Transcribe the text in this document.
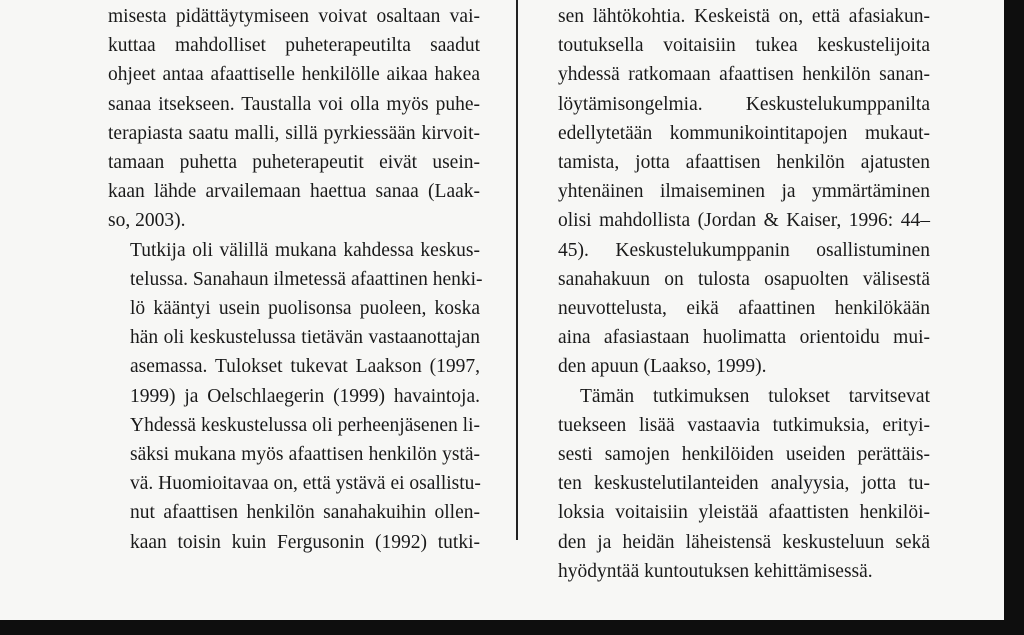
misesta pidättäytymiseen voivat osaltaan vai-
kuttaa mahdolliset puheterapeutilta saadut
ohjeet antaa afaattiselle henkilölle aikaa hakea
sanaa itsekseen. Taustalla voi olla myös puhe-
terapiasta saatu malli, sillä pyrkiessään kirvoit-
tamaan puhetta puheterapeutit eivät usein-
kaan lähde arvailemaan haettua sanaa (Laak-
so, 2003).

Tutkija oli välillä mukana kahdessa keskus-
telussa. Sanahaun ilmetessä afaattinen henki-
lö kääntyi usein puolisonsa puoleen, koska
hän oli keskustelussa tietävän vastaanottajan
asemassa. Tulokset tukevat Laakson (1997,
1999) ja Oelschlaegerin (1999) havaintoja.
Yhdessä keskustelussa oli perheenjäsenen li-
säksi mukana myös afaattisen henkilön ystä-
vä. Huomioitavaa on, että ystävä ei osallistu-
nut afaattisen henkilön sanahakuihin ollen-
kaan toisin kuin Fergusonin (1992) tutki-

sen lähtökohtia. Keskeistä on, että afasiakun-
toutuksella voitaisiin tukea keskustelijoita
yhdessä ratkomaan afaattisen henkilön sanan-
löytämisongelmia. Keskustelukumppanilta
edellytetään kommunikointitapojen mukaut-
tamista, jotta afaattisen henkilön ajatusten
yhtenäinen ilmaiseminen ja ymmärtäminen
olisi mahdollista (Jordan & Kaiser, 1996: 44–
45). Keskustelukumppanin osallistuminen
sanahakuun on tulosta osapuolten välisestä
neuvottelusta, eikä afaattinen henkilökään
aina afasiastaan huolimatta orientoidu mui-
den apuun (Laakso, 1999).

Tämän tutkimuksen tulokset tarvitsevat
tuekseen lisää vastaavia tutkimuksia, erityi-
sesti samojen henkilöiden useiden perättäis-
ten keskustelutilanteiden analyysia, jotta tu-
loksia voitaisiin yleistää afaattisten henkilöi-
den ja heidän läheistensä keskusteluun sekä
hyödyntää kuntoutuksen kehittämisessä.
